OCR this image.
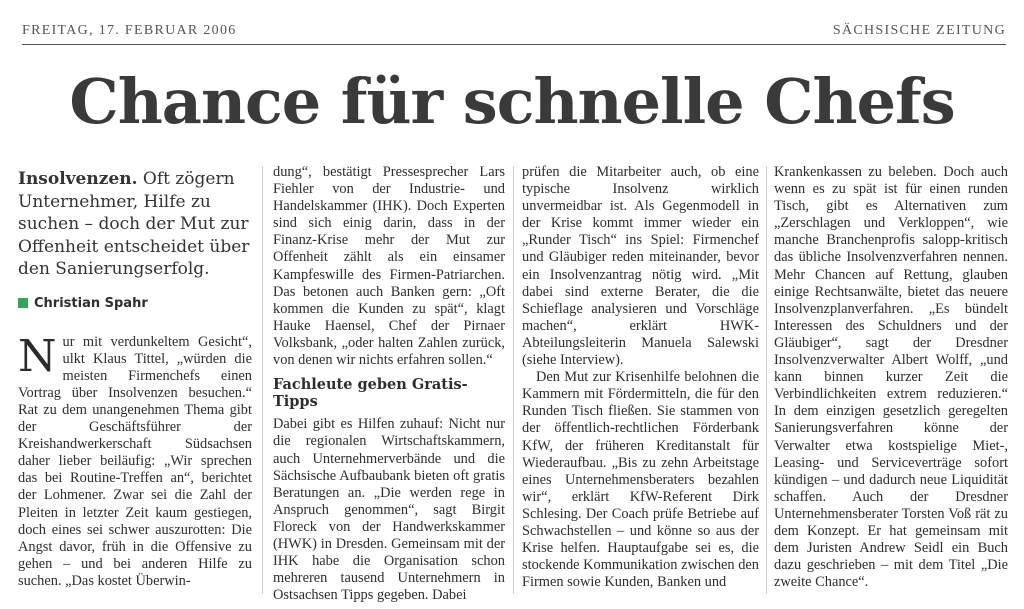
FREITAG, 17. FEBRUAR 2006	SÄCHSISCHE ZEITUNG
Chance für schnelle Chefs
Insolvenzen. Oft zögern Unternehmer, Hilfe zu suchen – doch der Mut zur Offenheit entscheidet über den Sanierungserfolg.
Christian Spahr

Nur mit verdunkeltem Gesicht“, ulkt Klaus Tittel, „würden die meisten Firmenchefs einen Vortrag über Insolvenzen besuchen.“ Rat zu dem unangenehmen Thema gibt der Geschäftsführer der Kreishandwerkerschaft Südsachsen daher lieber beiläufig: „Wir sprechen das bei Routine-Treffen an“, berichtet der Lohmener. Zwar sei die Zahl der Pleiten in letzter Zeit kaum gestiegen, doch eines sei schwer auszurotten: Die Angst davor, früh in die Offensive zu gehen – und bei anderen Hilfe zu suchen. „Das kostet Überwin-

dung“, bestätigt Pressesprecher Lars Fiehler von der Industrie- und Handelskammer (IHK). Doch Experten sind sich einig darin, dass in der Finanz-Krise mehr der Mut zur Offenheit zählt als ein einsamer Kampfeswille des Firmen-Patriarchen. Das betonen auch Banken gern: „Oft kommen die Kunden zu spät“, klagt Hauke Haensel, Chef der Pirnaer Volksbank, „oder halten Zahlen zurück, von denen wir nichts erfahren sollen.“

Fachleute geben Gratis-Tipps

Dabei gibt es Hilfen zuhauf: Nicht nur die regionalen Wirtschaftskammern, auch Unternehmerverbände und die Sächsische Aufbaubank bieten oft gratis Beratungen an. „Die werden rege in Anspruch genommen“, sagt Birgit Floreck von der Handwerkskammer (HWK) in Dresden. Gemeinsam mit der IHK habe die Organisation schon mehreren tausend Unternehmern in Ostsachsen Tipps gegeben. Dabei

prüfen die Mitarbeiter auch, ob eine typische Insolvenz wirklich unvermeidbar ist. Als Gegenmodell in der Krise kommt immer wieder ein „Runder Tisch“ ins Spiel: Firmenchef und Gläubiger reden miteinander, bevor ein Insolvenzantrag nötig wird. „Mit dabei sind externe Berater, die die Schieflage analysieren und Vorschläge machen“, erklärt HWK-Abteilungsleiterin Manuela Salewski (siehe Interview).

Den Mut zur Krisenhilfe belohnen die Kammern mit Fördermitteln, die für den Runden Tisch fließen. Sie stammen von der öffentlich-rechtlichen Förderbank KfW, der früheren Kreditanstalt für Wiederaufbau. „Bis zu zehn Arbeitstage eines Unternehmensberaters bezahlen wir“, erklärt KfW-Referent Dirk Schlesing. Der Coach prüfe Betriebe auf Schwachstellen – und könne so aus der Krise helfen. Hauptaufgabe sei es, die stockende Kommunikation zwischen den Firmen sowie Kunden, Banken und

Krankenkassen zu beleben. Doch auch wenn es zu spät ist für einen runden Tisch, gibt es Alternativen zum „Zerschlagen und Verkloppen“, wie manche Branchenprofis salopp-kritisch das übliche Insolvenzverfahren nennen. Mehr Chancen auf Rettung, glauben einige Rechtsanwälte, bietet das neuere Insolvenzplanverfahren. „Es bündelt Interessen des Schuldners und der Gläubiger“, sagt der Dresdner Insolvenzverwalter Albert Wolff, „und kann binnen kurzer Zeit die Verbindlichkeiten extrem reduzieren.“ In dem einzigen gesetzlich geregelten Sanierungsverfahren könne der Verwalter etwa kostspielige Miet-, Leasing- und Serviceverträge sofort kündigen – und dadurch neue Liquidität schaffen. Auch der Dresdner Unternehmensberater Torsten Voß rät zu dem Konzept. Er hat gemeinsam mit dem Juristen Andrew Seidl ein Buch dazu geschrieben – mit dem Titel „Die zweite Chance“.
